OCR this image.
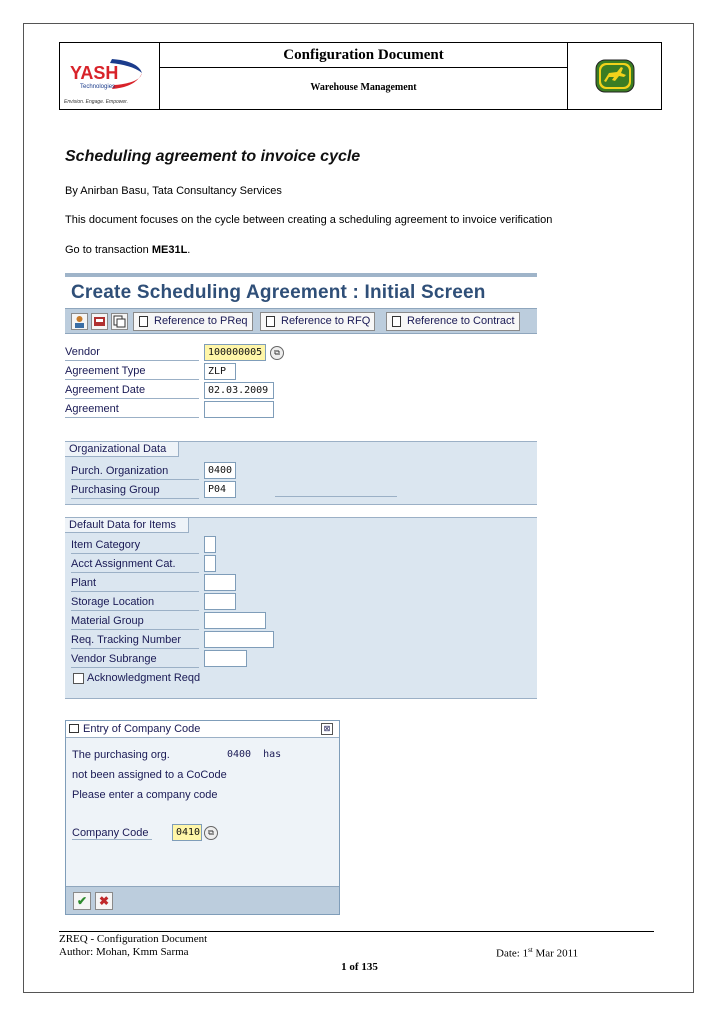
YASH
Technologies
Envision. Engage. Empower.
Configuration Document
Warehouse Management
Scheduling agreement to invoice cycle
By Anirban Basu, Tata Consultancy Services
This document focuses on the cycle between creating a scheduling agreement to invoice verification
Go to transaction ME31L.
Create Scheduling Agreement : Initial Screen
Reference to PReq	Reference to RFQ	Reference to Contract
Vendor	100000005	⧉
Agreement Type	ZLP
Agreement Date	02.03.2009
Agreement
Organizational Data
Purch. Organization	0400
Purchasing Group	P04
Default Data for Items
Item Category
Acct Assignment Cat.
Plant
Storage Location
Material Group
Req. Tracking Number
Vendor Subrange
Acknowledgment Reqd
Entry of Company Code	⊠
The purchasing org.	0400  has
not been assigned to a CoCode
Please enter a company code
Company Code	0410	⧉
✔ ✖
ZREQ - Configuration Document
Author: Mohan, Kmm Sarma	Date: 1st Mar 2011
1 of 135
